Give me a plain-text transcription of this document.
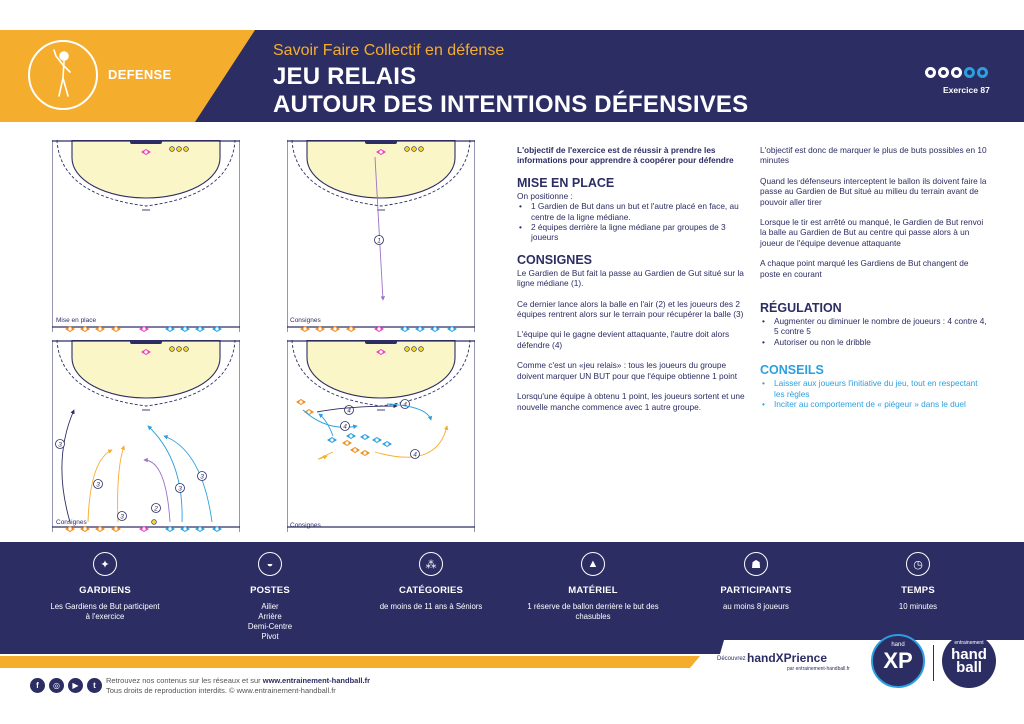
DEFENSE
Savoir Faire Collectif en défense
JEU RELAIS
AUTOUR DES INTENTIONS DÉFENSIVES
Exercice 87
1
3
3
3
2
3
3
4
4
4
4
Mise en place	Consignes
Consignes	Consignes

L'objectif de l'exercice est de réussir à prendre les informations pour apprendre à coopérer pour défendre

MISE EN PLACE
On positionne :
• 1 Gardien de But dans un but et l'autre placé en face, au centre de la ligne médiane.
• 2 équipes derrière la ligne médiane par groupes de 3 joueurs
CONSIGNES

Le Gardien de But fait la passe au Gardien de Gut situé sur la ligne médiane (1).

Ce dernier lance alors la balle en l'air (2) et les joueurs des 2 équipes rentrent alors sur le terrain pour récupérer la balle (3)

L'équipe qui le gagne devient attaquante, l'autre doit alors défendre (4)

Comme c'est un «jeu relais» : tous les joueurs du groupe doivent marquer UN BUT pour que l'équipe obtienne 1 point

Lorsqu'une équipe à obtenu 1 point, les joueurs sortent et une nouvelle manche commence avec 1 autre groupe.

L'objectif est donc de marquer le plus de buts possibles en 10 minutes

Quand les défenseurs interceptent le ballon ils doivent faire la passe au Gardien de But situé au milieu du terrain avant de pouvoir aller tirer

Lorsque le tir est arrêté ou manqué, le Gardien de But renvoi la balle au Gardien de But au centre qui passe alors à un joueur de l'équipe devenue attaquante

A chaque point marqué les Gardiens de But changent de poste en courant

RÉGULATION
• Augmenter ou diminuer le nombre de joueurs : 4 contre 4, 5 contre 5
• Autoriser ou non le dribble
CONSEILS
• Laisser aux joueurs l'initiative du jeu, tout en respectant les règles
• Inciter au comportement de « piégeur » dans le duel
✦
GARDIENS
Les Gardiens de But participent à l'exercice
◒
POSTES
Ailier
Arrière
Demi-Centre
Pivot
⁂
CATÉGORIES
de moins de 11 ans à Séniors
▲
MATÉRIEL
1 réserve de ballon derrière le but des chasubles
☗
PARTICIPANTS
au moins 8 joueurs
◷
TEMPS
10 minutes
f	◎	▶	t
Retrouvez nos contenus sur les réseaux et sur www.entrainement-handball.fr
Tous droits de reproduction interdits. © www.entrainement-handball.fr
Découvrez handXPrience
par entrainement-handball.fr
hand
XP
entrainement
hand ball
